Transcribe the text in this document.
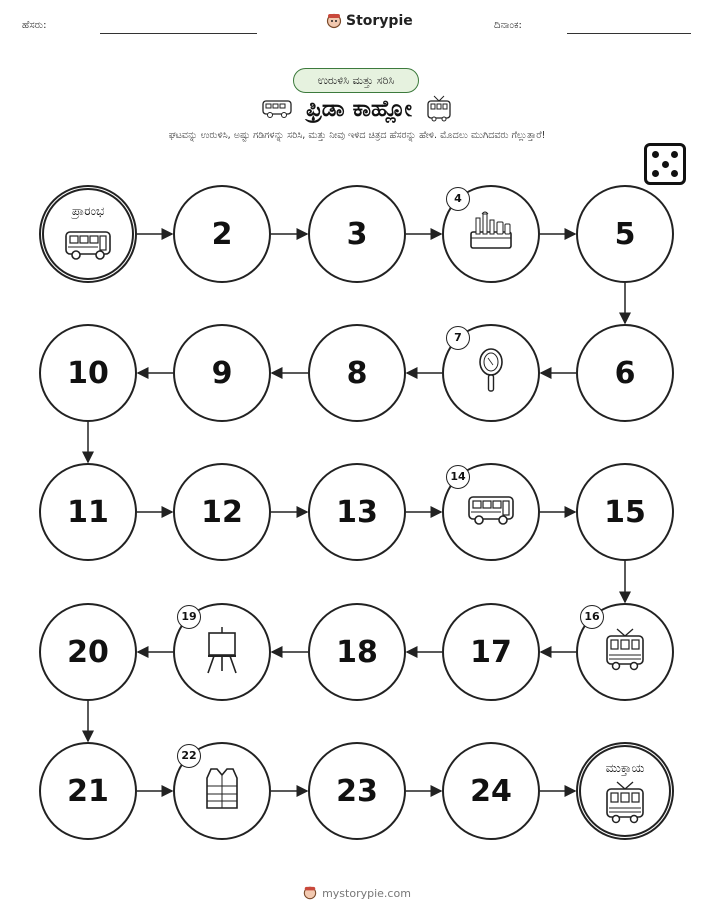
ಹೆಸರು:	Storypie	ದಿನಾಂಕ:
ಉರುಳಿಸಿ ಮತ್ತು ಸರಿಸಿ
ಫ್ರಿಡಾ ಕಾಹ್ಲೋ
ಘಟವನ್ನು ಉರುಳಿಸಿ, ಅಷ್ಟು ಗಡಿಗಳನ್ನು ಸರಿಸಿ, ಮತ್ತು ನೀವು ಇಳಿದ ಚಿತ್ರದ ಹೆಸರನ್ನು ಹೇಳಿ. ಮೊದಲು ಮುಗಿದವರು ಗೆಲ್ಲುತ್ತಾರೆ!
ಪ್ರಾರಂಭ
2	3
4
5
6
7
8
9
10
11	12	13
14
15
16
17
18
19
20
21
22
23	24
ಮುಕ್ತಾಯ
mystorypie.com
